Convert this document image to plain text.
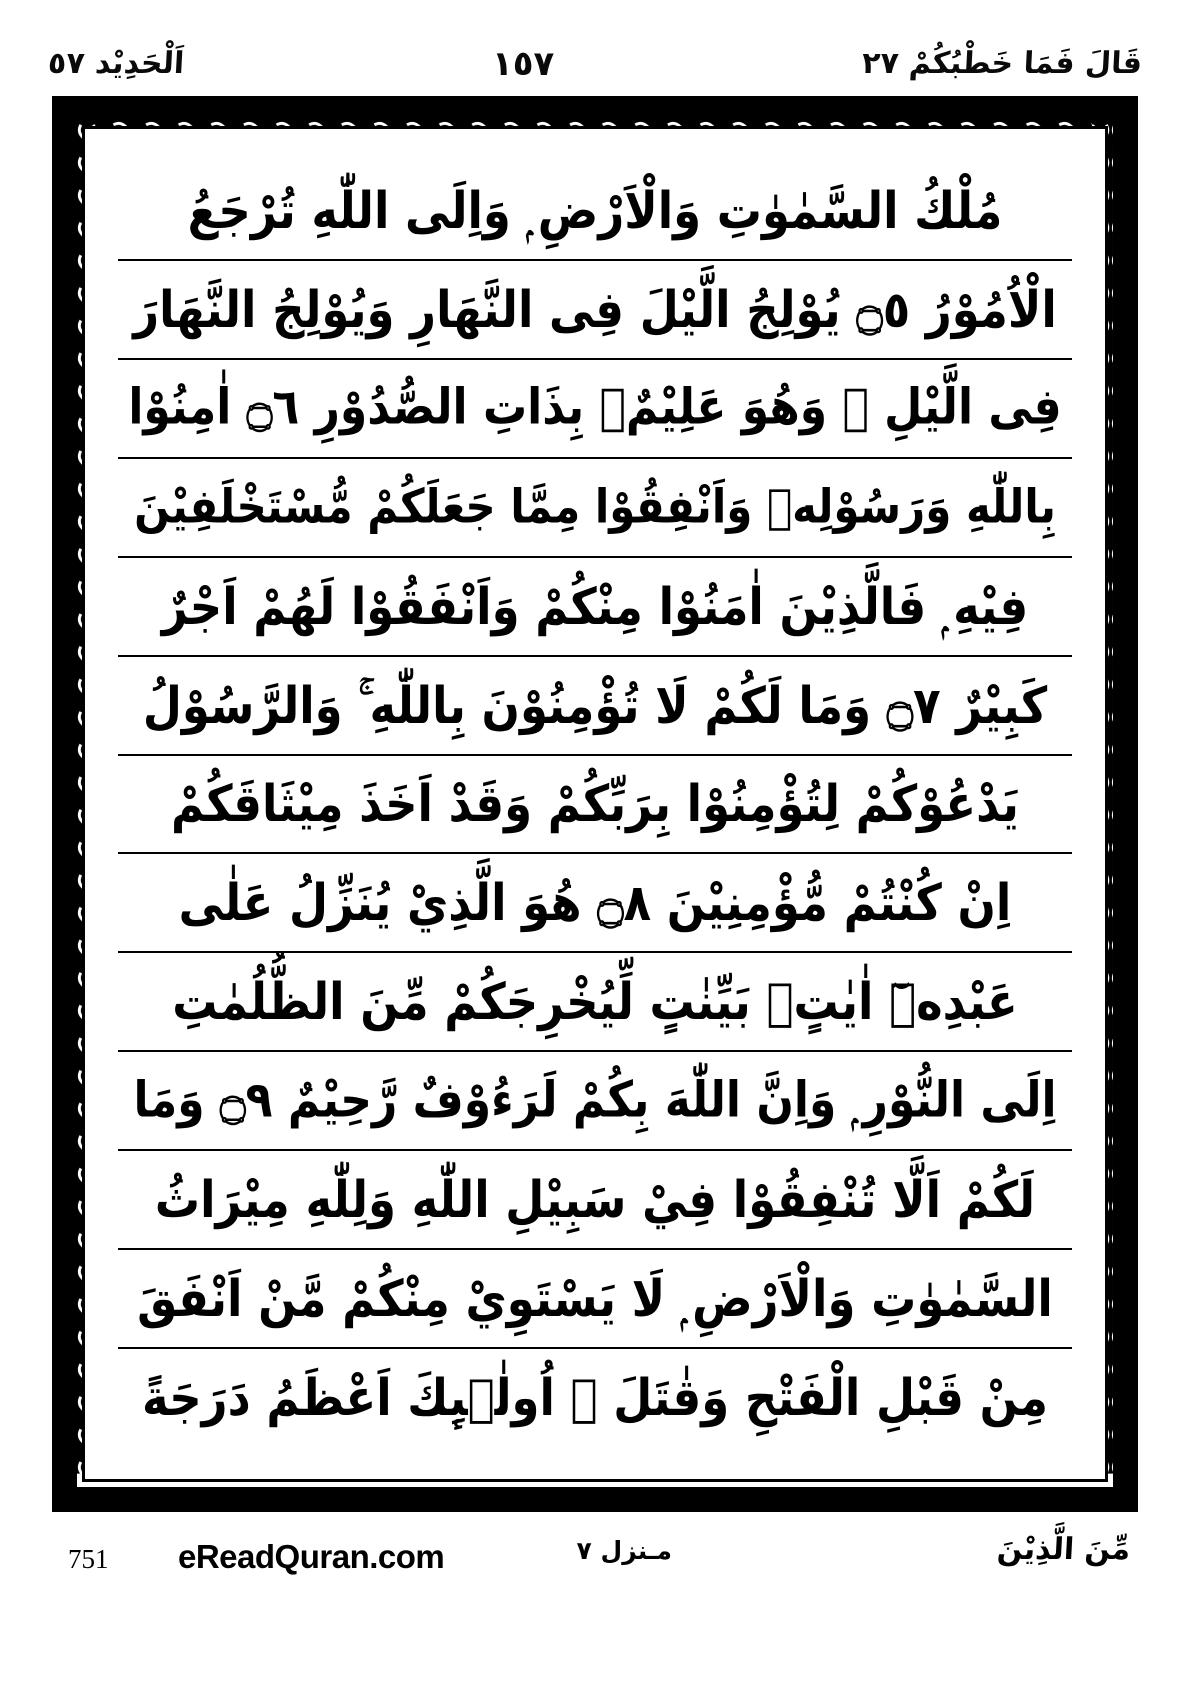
قَالَ فَمَا خَطْبُكُمْ ٢٧
١٥٧
اَلْحَدِيْد ٥٧
مُلْكُ السَّمٰوٰتِ وَالْاَرْضِ ۭ وَاِلَى اللّٰهِ تُرْجَعُ
الْاُمُوْرُ ۝٥ يُوْلِجُ الَّيْلَ فِى النَّهَارِ وَيُوْلِجُ النَّهَارَ
فِى الَّيْلِ ۭ وَهُوَ عَلِيْمٌۢ بِذَاتِ الصُّدُوْرِ ۝٦ اٰمِنُوْا
بِاللّٰهِ وَرَسُوْلِهٖ وَاَنْفِقُوْا مِمَّا جَعَلَكُمْ مُّسْتَخْلَفِيْنَ
فِيْهِ ۭ فَالَّذِيْنَ اٰمَنُوْا مِنْكُمْ وَاَنْفَقُوْا لَهُمْ اَجْرٌ
كَبِيْرٌ ۝٧ وَمَا لَكُمْ لَا تُؤْمِنُوْنَ بِاللّٰهِ ۚ وَالرَّسُوْلُ
يَدْعُوْكُمْ لِتُؤْمِنُوْا بِرَبِّكُمْ وَقَدْ اَخَذَ مِيْثَاقَكُمْ
اِنْ كُنْتُمْ مُّؤْمِنِيْنَ ۝٨ هُوَ الَّذِيْ يُنَزِّلُ عَلٰى
عَبْدِهٖٓ اٰيٰتٍۢ بَيِّنٰتٍ لِّيُخْرِجَكُمْ مِّنَ الظُّلُمٰتِ
اِلَى النُّوْرِ ۭ وَاِنَّ اللّٰهَ بِكُمْ لَرَءُوْفٌ رَّحِيْمٌ ۝٩ وَمَا
لَكُمْ اَلَّا تُنْفِقُوْا فِيْ سَبِيْلِ اللّٰهِ وَلِلّٰهِ مِيْرَاثُ
السَّمٰوٰتِ وَالْاَرْضِ ۭ لَا يَسْتَوِيْ مِنْكُمْ مَّنْ اَنْفَقَ
مِنْ قَبْلِ الْفَتْحِ وَقٰتَلَ ۭ اُولٰۗىِٕكَ اَعْظَمُ دَرَجَةً
مِّنَ الَّذِيْنَ
مـنزل ٧
eReadQuran.com
751
